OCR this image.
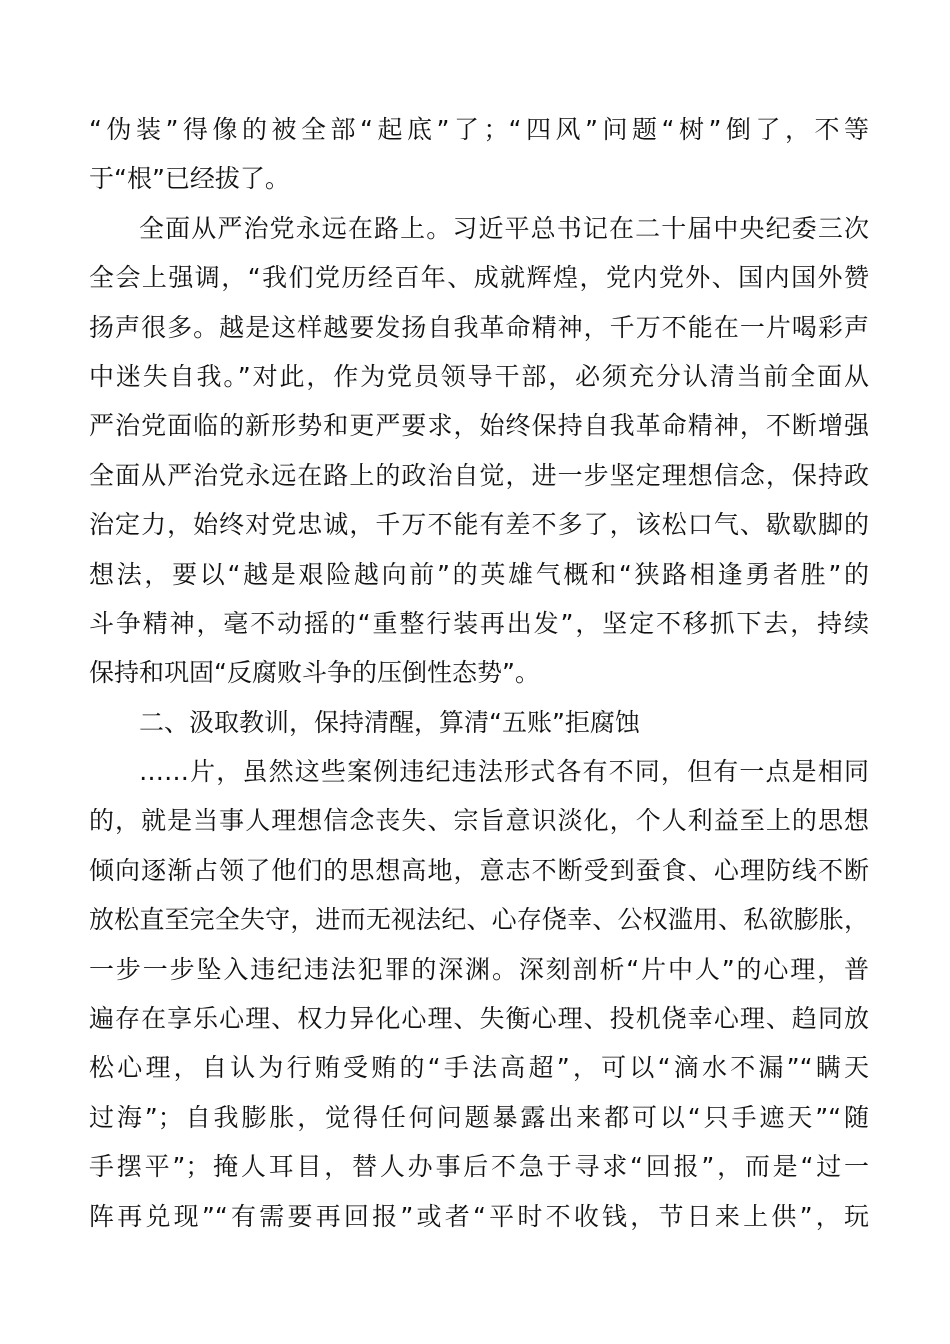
“伪装”得像的被全部“起底”了；“四风”问题“树”倒了，不等
于“根”已经拔了。
全面从严治党永远在路上。习近平总书记在二十届中央纪委三次
全会上强调，“我们党历经百年、成就辉煌，党内党外、国内国外赞
扬声很多。越是这样越要发扬自我革命精神，千万不能在一片喝彩声
中迷失自我。”对此，作为党员领导干部，必须充分认清当前全面从
严治党面临的新形势和更严要求，始终保持自我革命精神，不断增强
全面从严治党永远在路上的政治自觉，进一步坚定理想信念，保持政
治定力，始终对党忠诚，千万不能有差不多了，该松口气、歇歇脚的
想法，要以“越是艰险越向前”的英雄气概和“狭路相逢勇者胜”的
斗争精神，毫不动摇的“重整行装再出发”，坚定不移抓下去，持续
保持和巩固“反腐败斗争的压倒性态势”。
二、汲取教训，保持清醒，算清“五账”拒腐蚀
……片，虽然这些案例违纪违法形式各有不同，但有一点是相同
的，就是当事人理想信念丧失、宗旨意识淡化，个人利益至上的思想
倾向逐渐占领了他们的思想高地，意志不断受到蚕食、心理防线不断
放松直至完全失守，进而无视法纪、心存侥幸、公权滥用、私欲膨胀，
一步一步坠入违纪违法犯罪的深渊。深刻剖析“片中人”的心理，普
遍存在享乐心理、权力异化心理、失衡心理、投机侥幸心理、趋同放
松心理，自认为行贿受贿的“手法高超”，可以“滴水不漏”“瞒天
过海”；自我膨胀，觉得任何问题暴露出来都可以“只手遮天”“随
手摆平”；掩人耳目，替人办事后不急于寻求“回报”，而是“过一
阵再兑现”“有需要再回报”或者“平时不收钱，节日来上供”，玩
